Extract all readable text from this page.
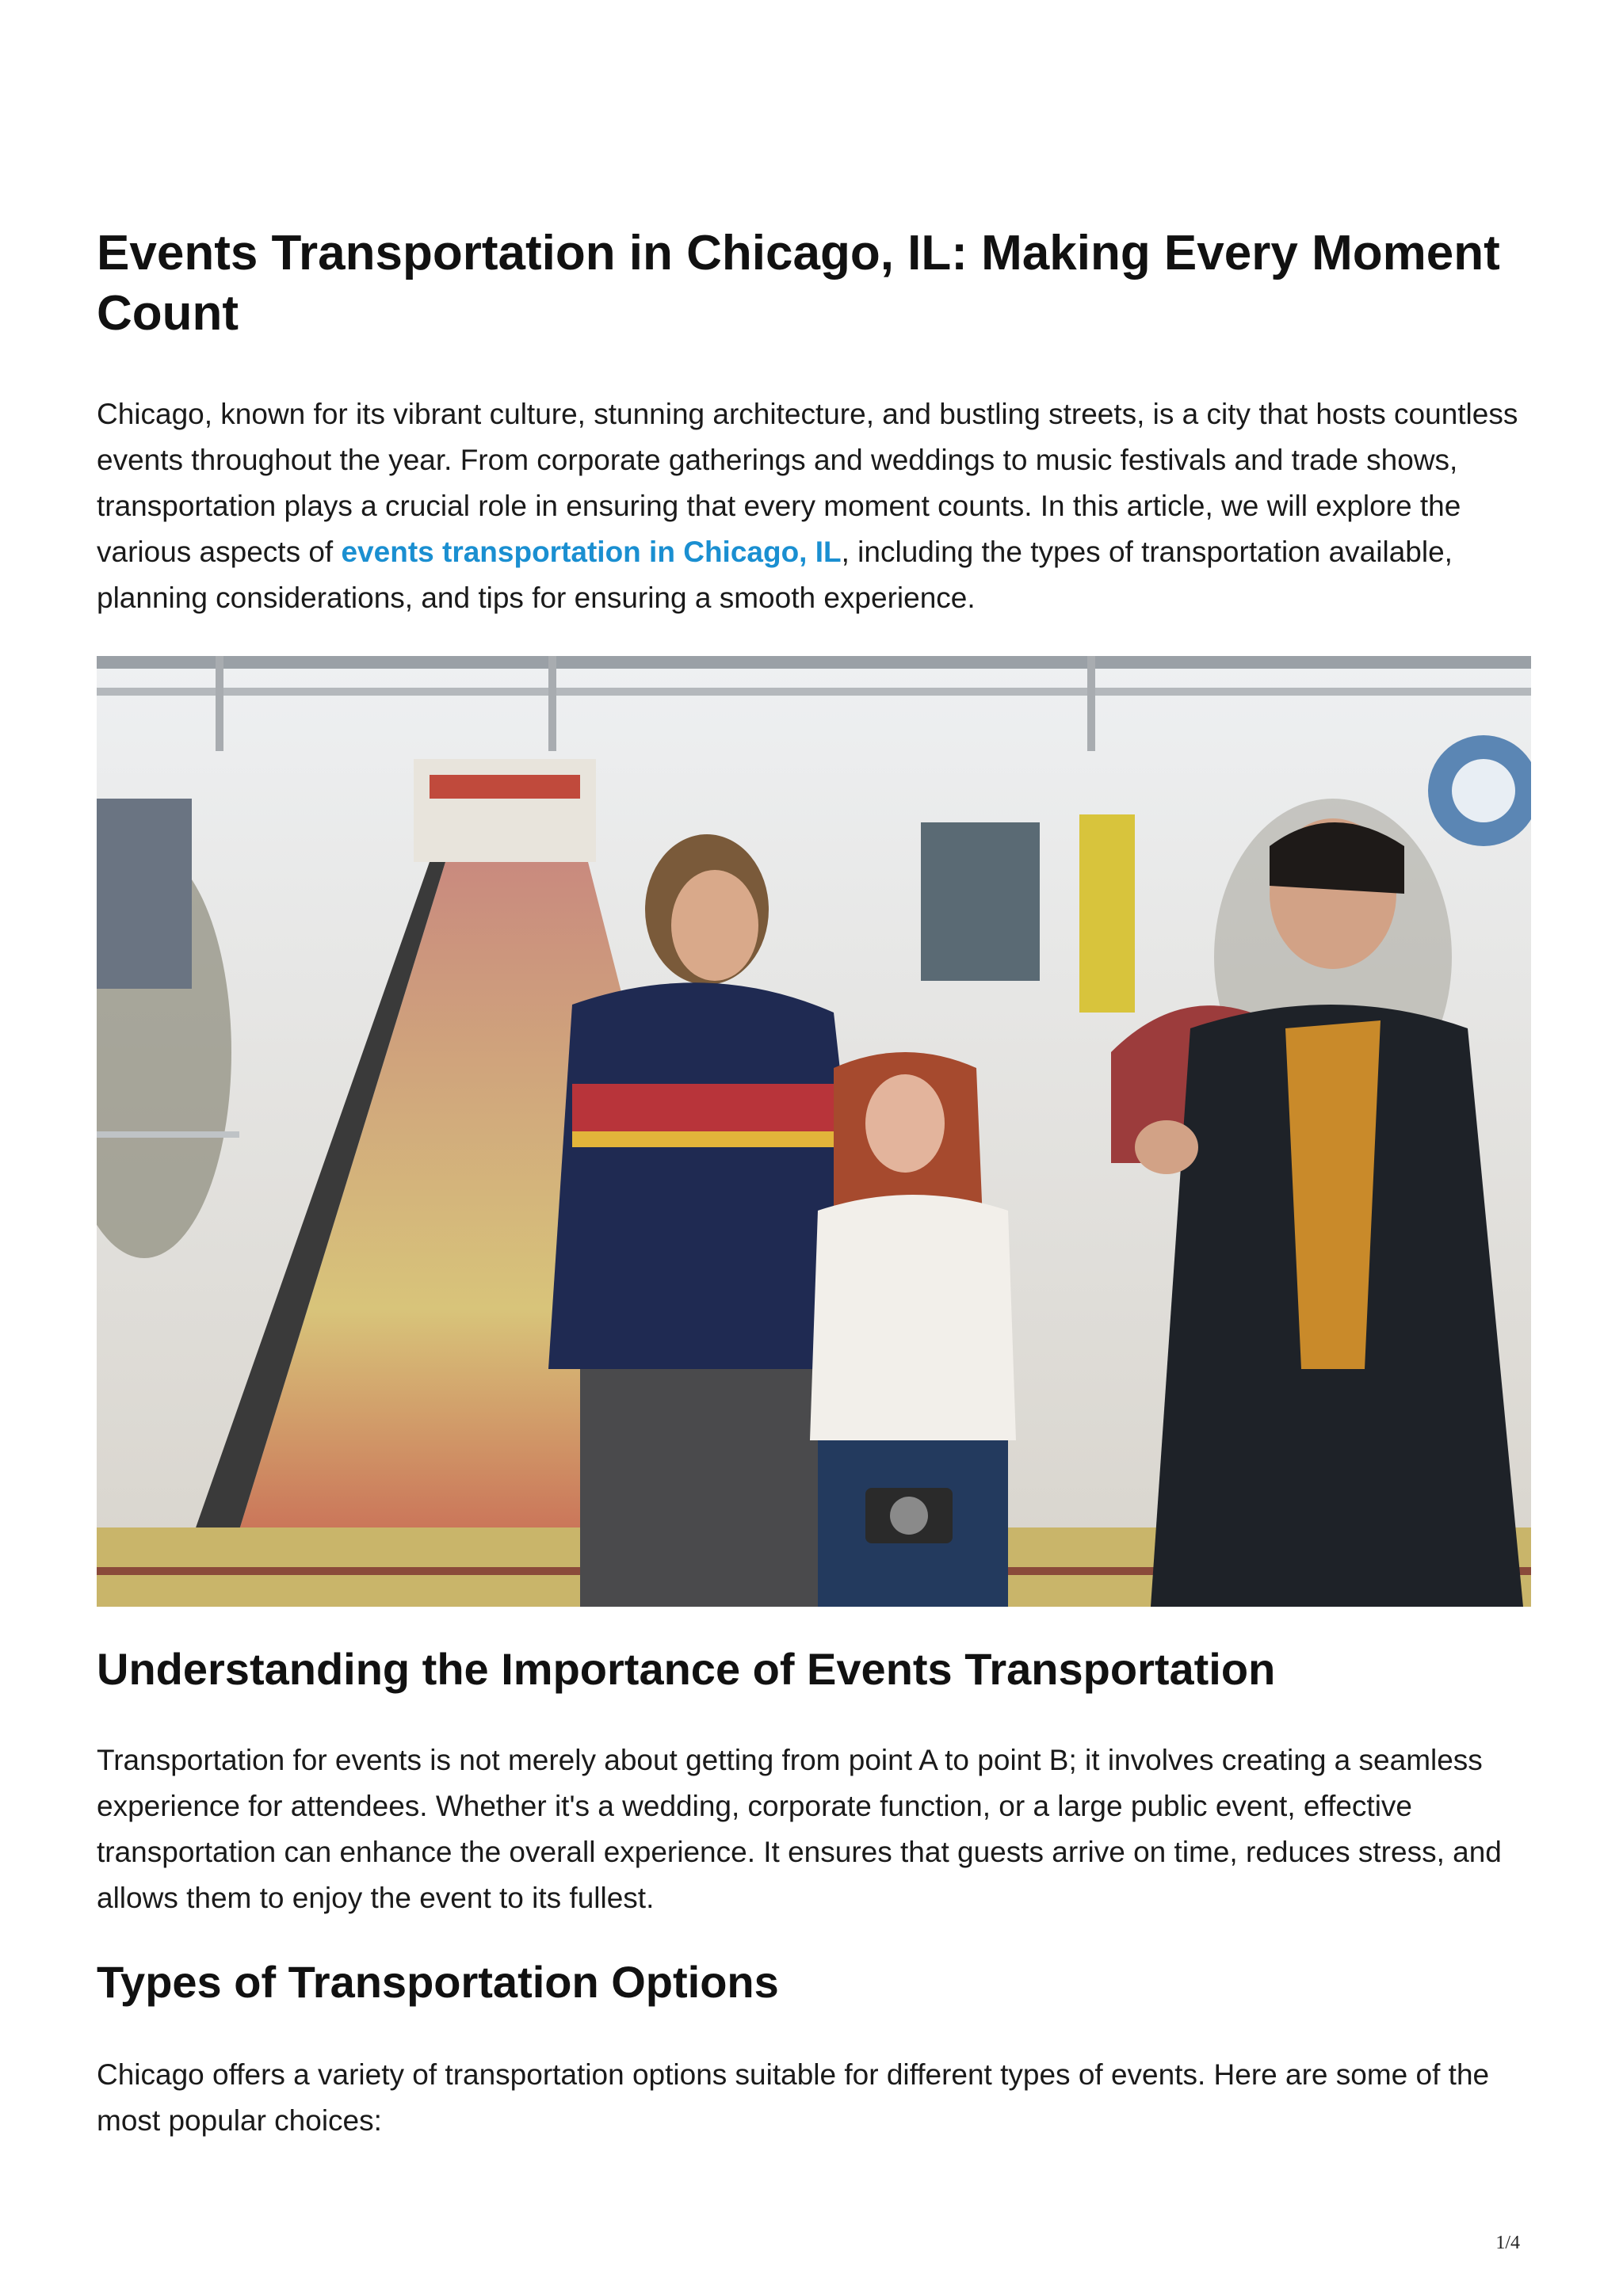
Events Transportation in Chicago, IL: Making Every Moment Count

Chicago, known for its vibrant culture, stunning architecture, and bustling streets, is a city that hosts countless events throughout the year. From corporate gatherings and weddings to music festivals and trade shows, transportation plays a crucial role in ensuring that every moment counts. In this article, we will explore the various aspects of events transportation in Chicago, IL, including the types of transportation available, planning considerations, and tips for ensuring a smooth experience.

Understanding the Importance of Events Transportation

Transportation for events is not merely about getting from point A to point B; it involves creating a seamless experience for attendees. Whether it's a wedding, corporate function, or a large public event, effective transportation can enhance the overall experience. It ensures that guests arrive on time, reduces stress, and allows them to enjoy the event to its fullest.

Types of Transportation Options

Chicago offers a variety of transportation options suitable for different types of events. Here are some of the most popular choices:

1/4
